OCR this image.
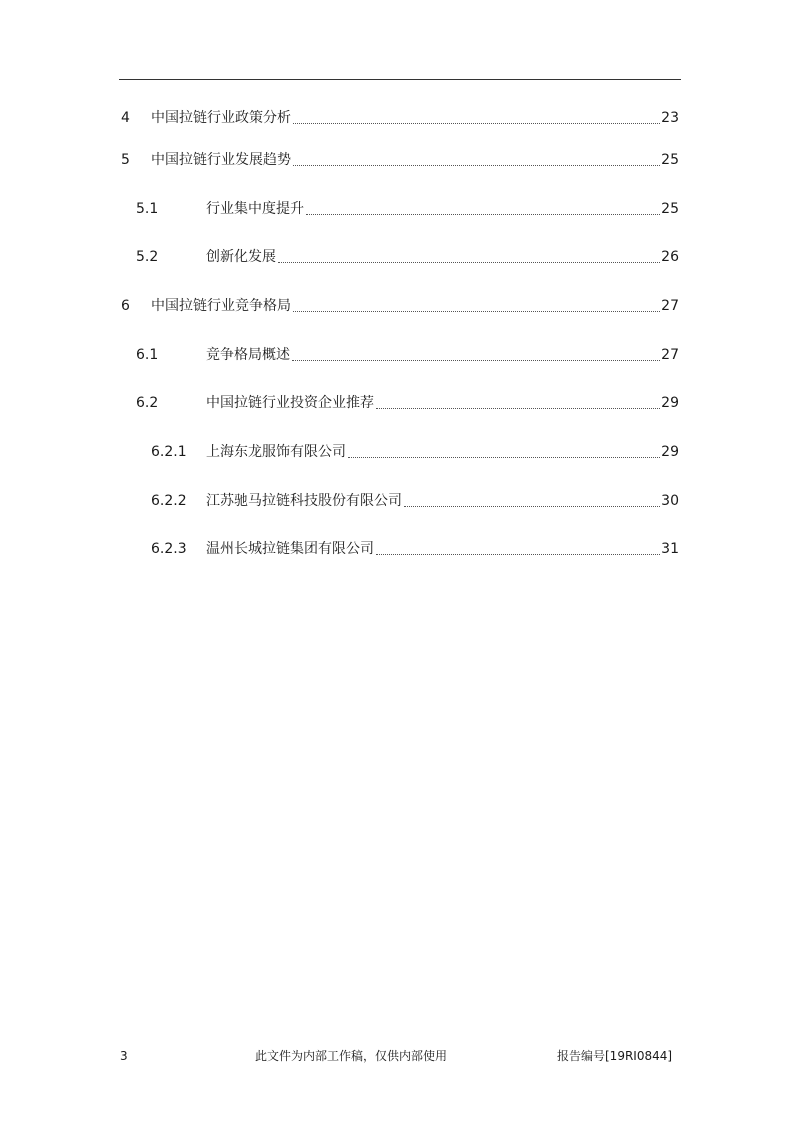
4 中国拉链行业政策分析	23
5 中国拉链行业发展趋势	25
5.1	行业集中度提升	25
5.2	创新化发展	26
6 中国拉链行业竞争格局	27
6.1	竞争格局概述	27
6.2	中国拉链行业投资企业推荐	29
6.2.1 上海东龙服饰有限公司	29
6.2.2 江苏驰马拉链科技股份有限公司	30
6.2.3 温州长城拉链集团有限公司	31
3	此文件为内部工作稿，仅供内部使用	报告编号[19RI0844]
